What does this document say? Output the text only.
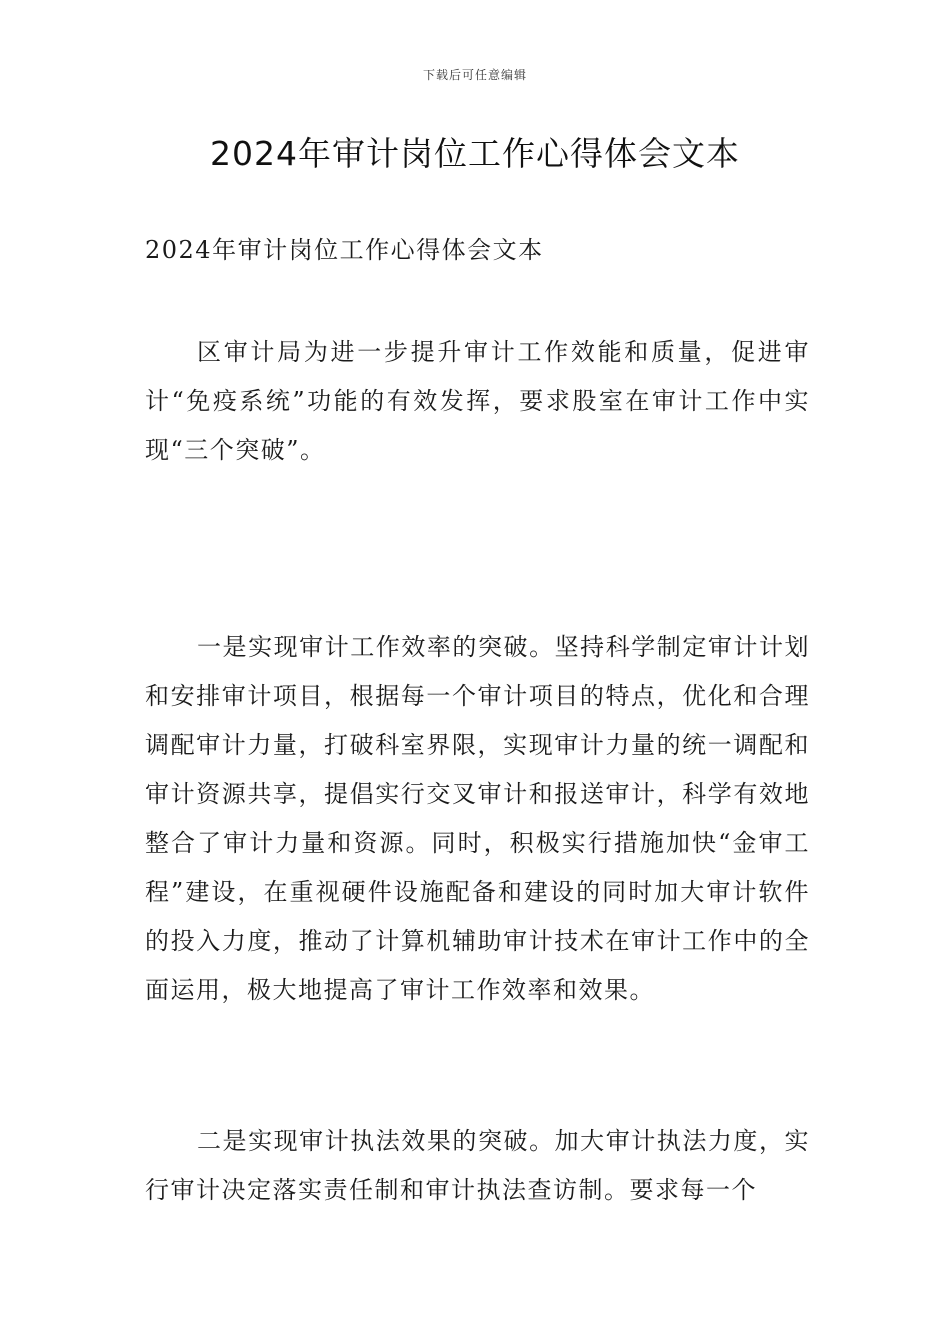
下载后可任意编辑
2024年审计岗位工作心得体会文本

2024年审计岗位工作心得体会文本

区审计局为进一步提升审计工作效能和质量，促进审计“免疫系统”功能的有效发挥，要求股室在审计工作中实现“三个突破”。

一是实现审计工作效率的突破。坚持科学制定审计计划和安排审计项目，根据每一个审计项目的特点，优化和合理调配审计力量，打破科室界限，实现审计力量的统一调配和审计资源共享，提倡实行交叉审计和报送审计，科学有效地整合了审计力量和资源。同时，积极实行措施加快“金审工程”建设，在重视硬件设施配备和建设的同时加大审计软件的投入力度，推动了计算机辅助审计技术在审计工作中的全面运用，极大地提高了审计工作效率和效果。

二是实现审计执法效果的突破。加大审计执法力度，实行审计决定落实责任制和审计执法查访制。要求每一个
